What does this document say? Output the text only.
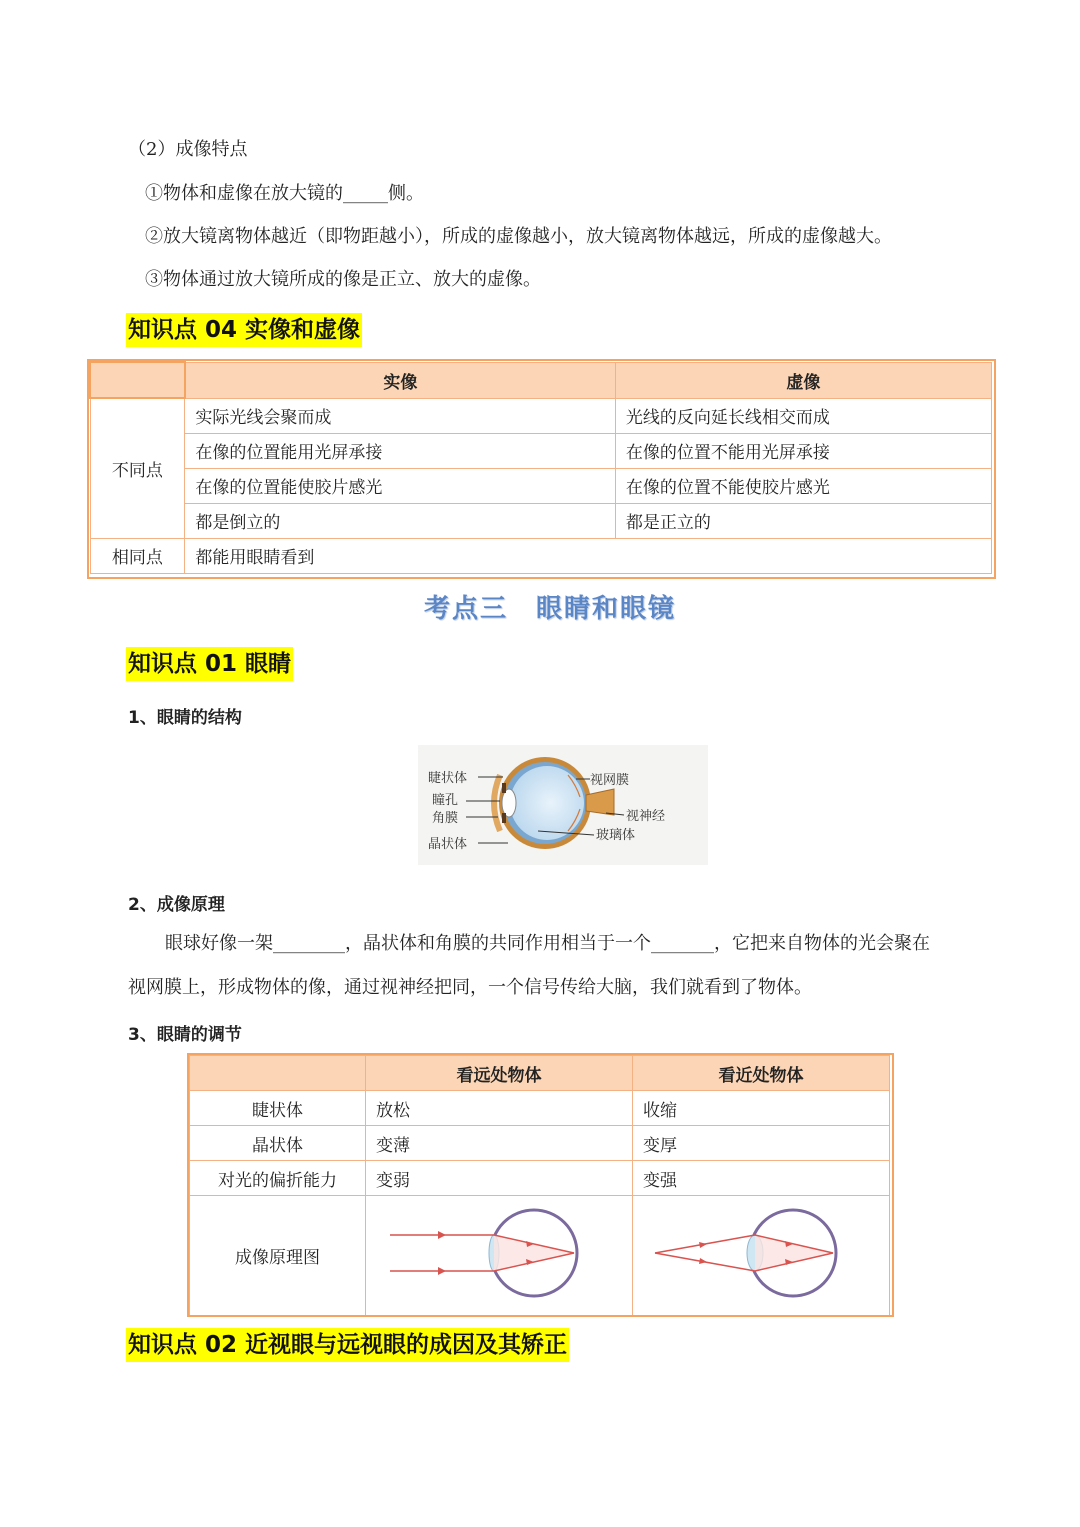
（2）成像特点
①物体和虚像在放大镜的_____侧。
②放大镜离物体越近（即物距越小），所成的虚像越小，放大镜离物体越远，所成的虚像越大。
③物体通过放大镜所成的像是正立、放大的虚像。
知识点 04 实像和虚像
	实像	虚像
不同点	实际光线会聚而成	光线的反向延长线相交而成
	在像的位置能用光屏承接	在像的位置不能用光屏承接
	在像的位置能使胶片感光	在像的位置不能使胶片感光
	都是倒立的	都是正立的
相同点	都能用眼睛看到	
考点三　眼睛和眼镜
知识点 01 眼睛
1、眼睛的结构
睫状体
瞳孔
角膜
晶状体
视网膜
视神经
玻璃体
2、成像原理
眼球好像一架________，晶状体和角膜的共同作用相当于一个_______，它把来自物体的光会聚在
视网膜上，形成物体的像，通过视神经把同，一个信号传给大脑，我们就看到了物体。
3、眼睛的调节
	看远处物体	看近处物体
睫状体	放松	收缩
晶状体	变薄	变厚
对光的偏折能力	变弱	变强
成像原理图		
知识点 02 近视眼与远视眼的成因及其矫正
